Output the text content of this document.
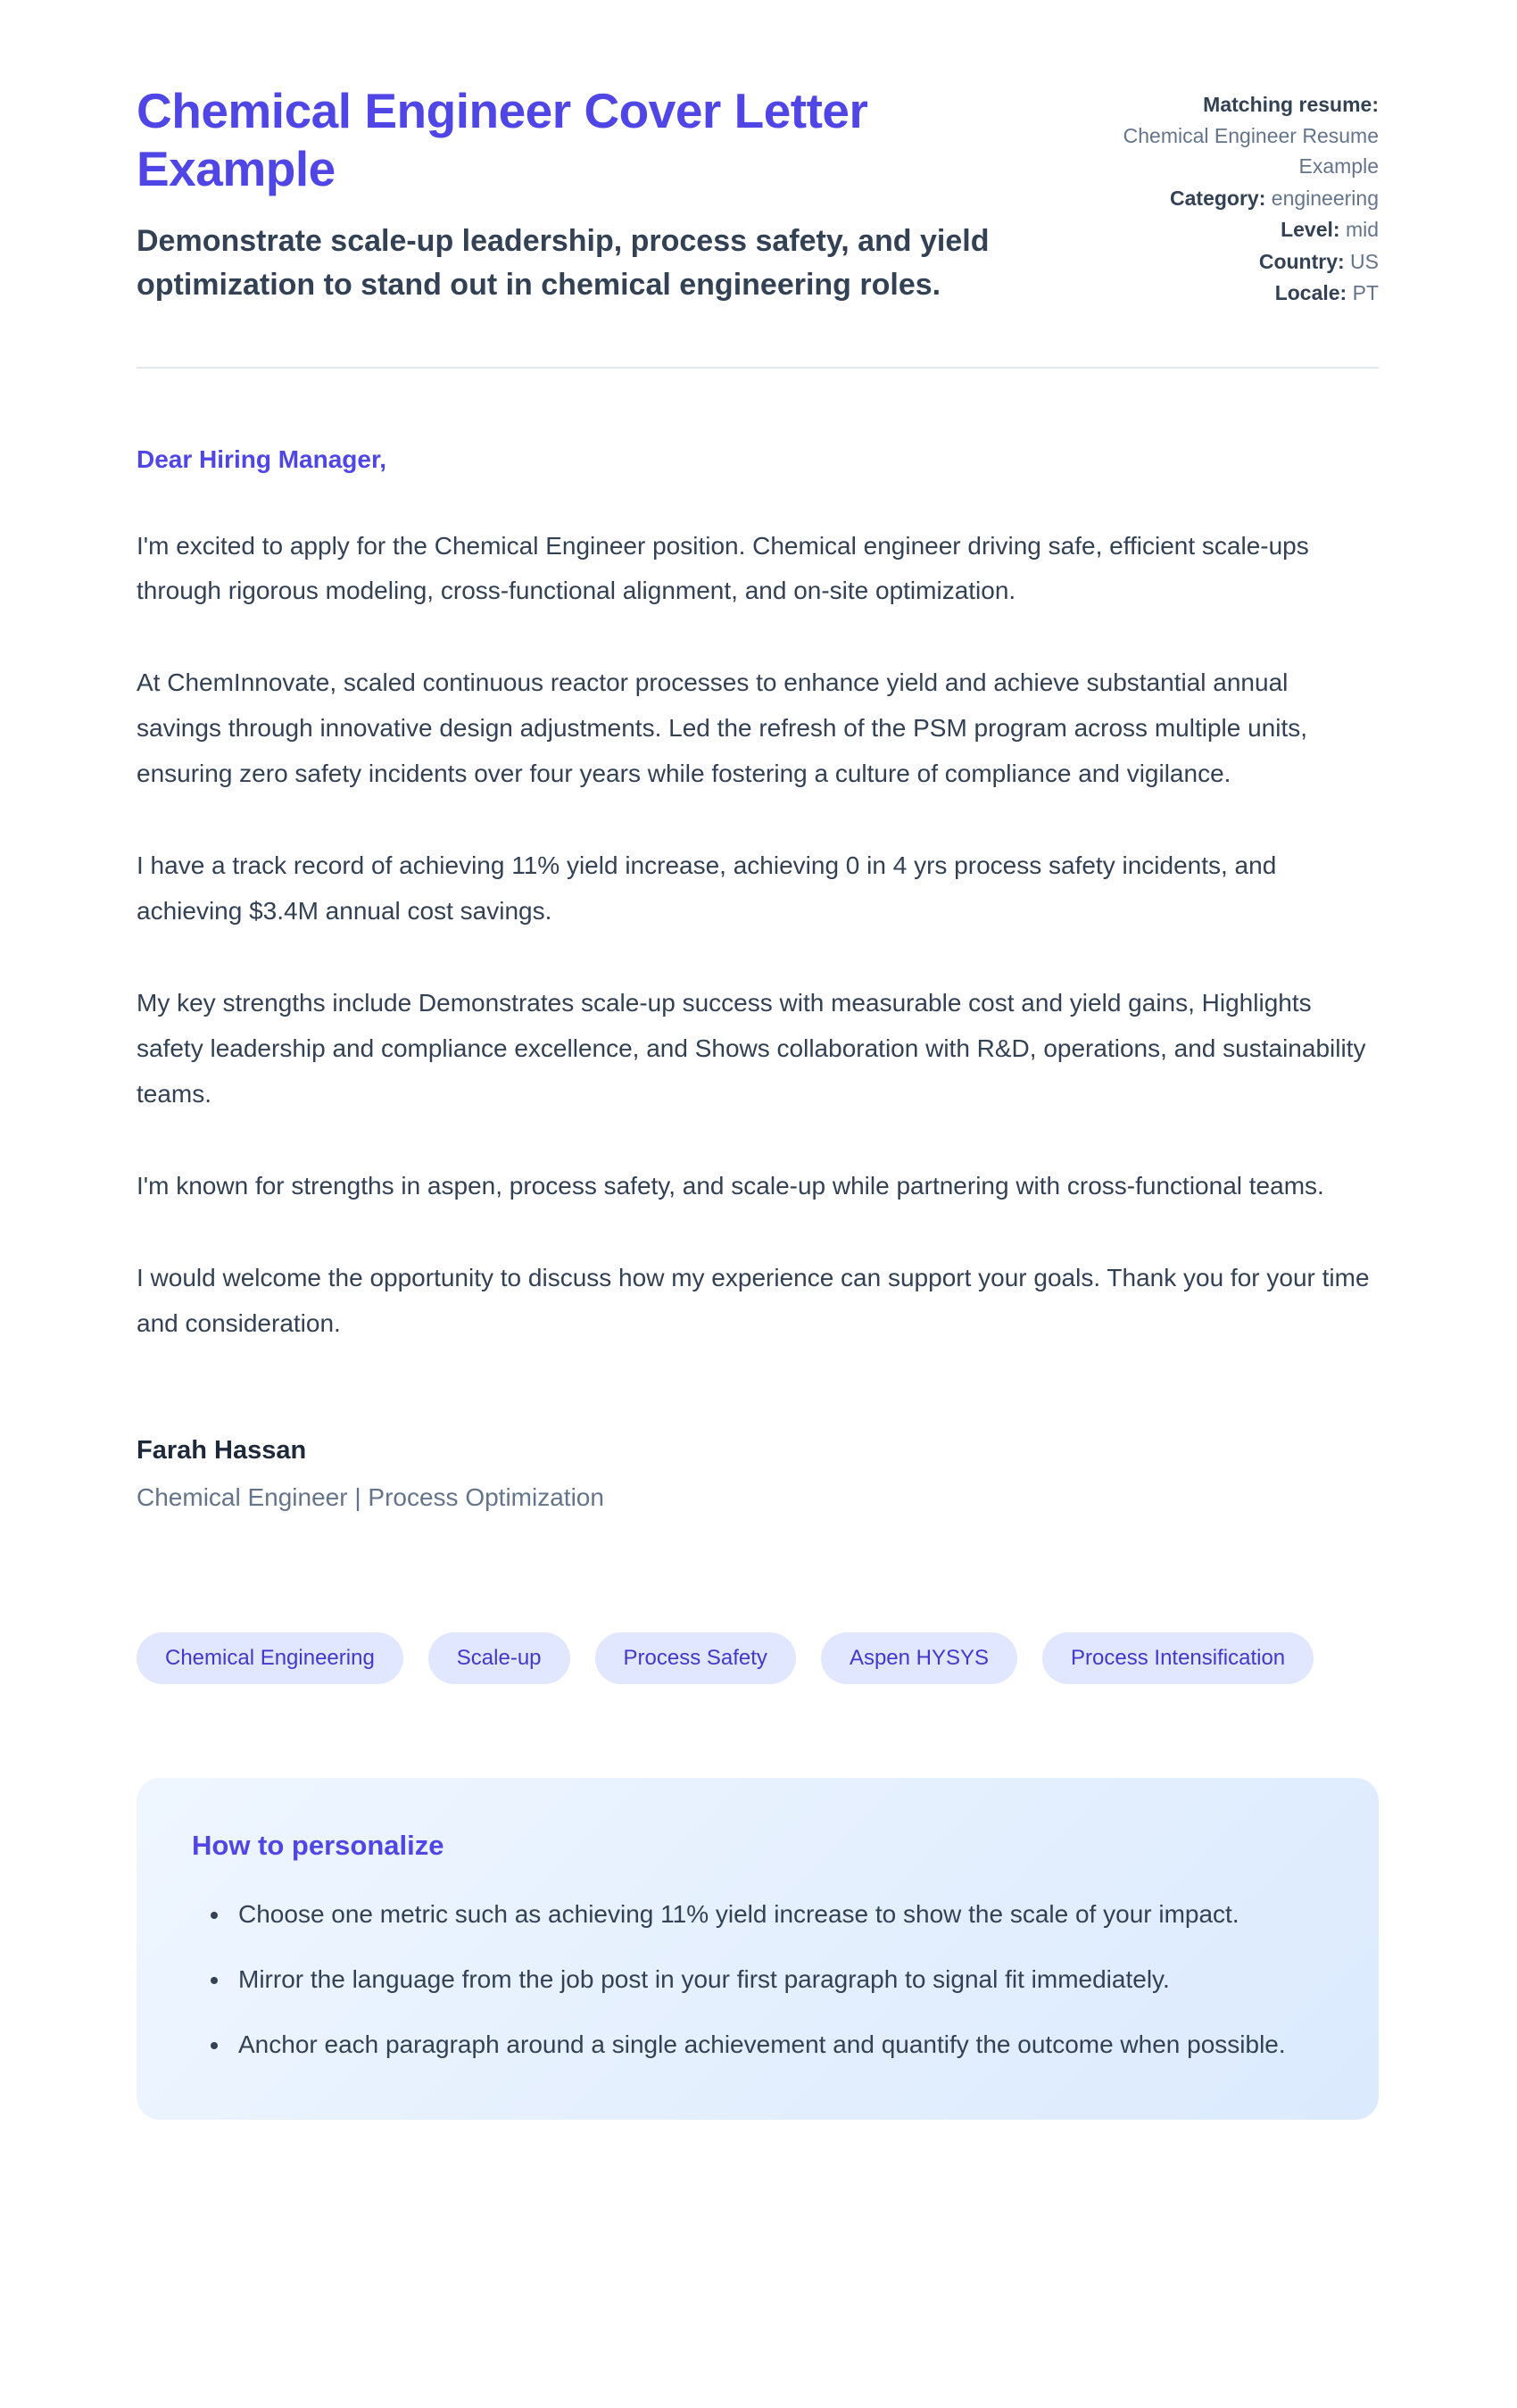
Chemical Engineer Cover Letter Example

Demonstrate scale-up leadership, process safety, and yield optimization to stand out in chemical engineering roles.

Matching resume:
Chemical Engineer Resume Example
Category: engineering
Level: mid
Country: US
Locale: PT

Dear Hiring Manager,

I'm excited to apply for the Chemical Engineer position. Chemical engineer driving safe, efficient scale-ups through rigorous modeling, cross-functional alignment, and on-site optimization.

At ChemInnovate, scaled continuous reactor processes to enhance yield and achieve substantial annual savings through innovative design adjustments. Led the refresh of the PSM program across multiple units, ensuring zero safety incidents over four years while fostering a culture of compliance and vigilance.

I have a track record of achieving 11% yield increase, achieving 0 in 4 yrs process safety incidents, and achieving $3.4M annual cost savings.

My key strengths include Demonstrates scale-up success with measurable cost and yield gains, Highlights safety leadership and compliance excellence, and Shows collaboration with R&D, operations, and sustainability teams.

I'm known for strengths in aspen, process safety, and scale-up while partnering with cross-functional teams.

I would welcome the opportunity to discuss how my experience can support your goals. Thank you for your time and consideration.

Farah Hassan

Chemical Engineer | Process Optimization

Chemical Engineering	Scale-up	Process Safety	Aspen HYSYS	Process Intensification
How to personalize
• Choose one metric such as achieving 11% yield increase to show the scale of your impact.
• Mirror the language from the job post in your first paragraph to signal fit immediately.
• Anchor each paragraph around a single achievement and quantify the outcome when possible.
